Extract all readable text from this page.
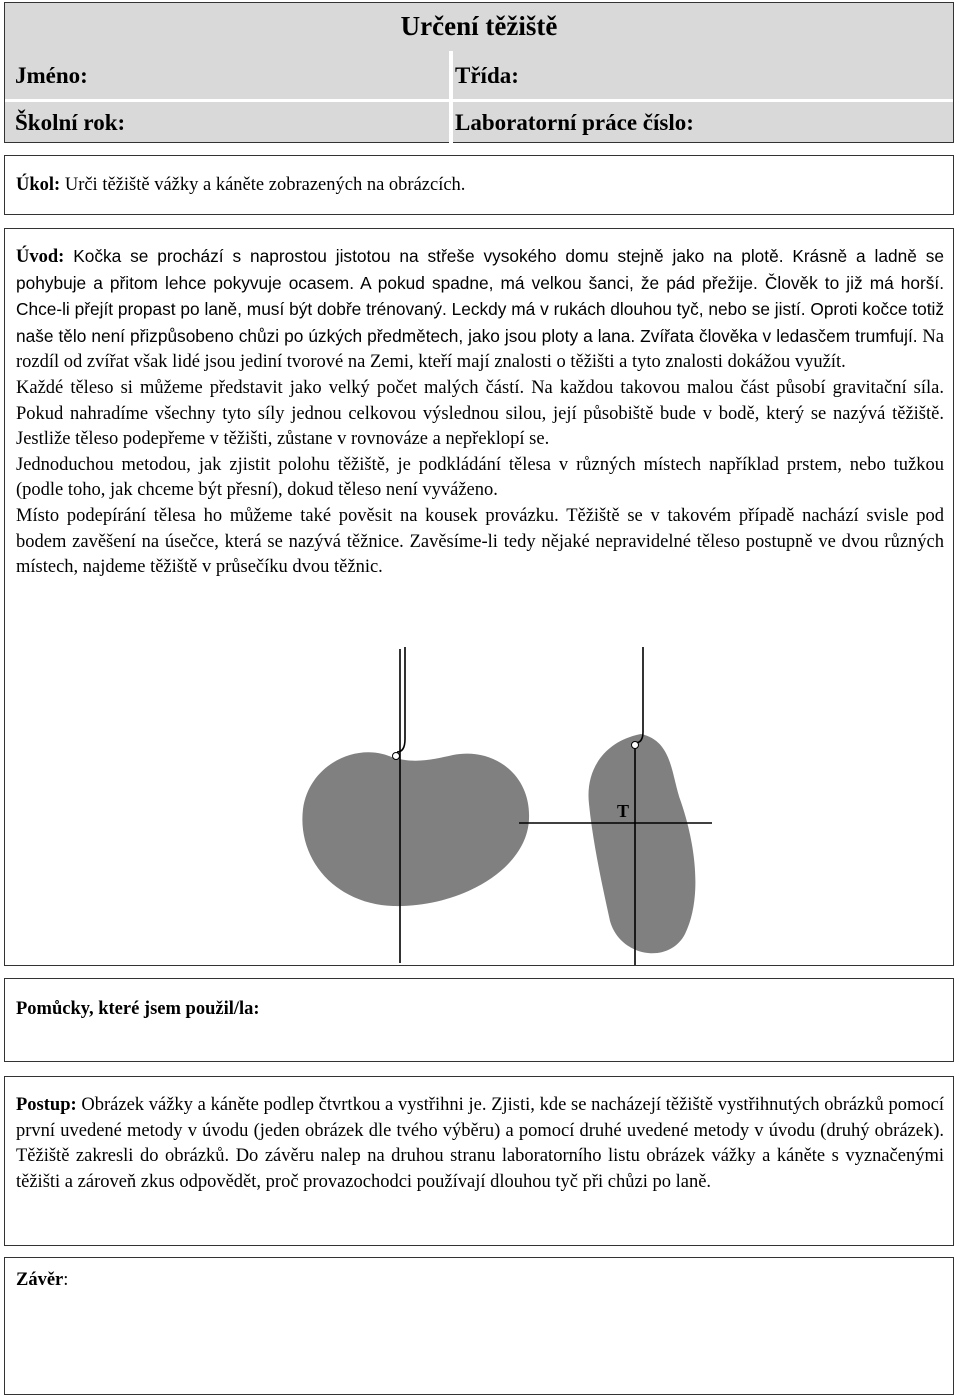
Určení těžiště
Jméno:	Třída:
Školní rok:	Laboratorní práce číslo:

Úkol: Urči těžiště vážky a káněte zobrazených na obrázcích.

Úvod: Kočka se prochází s naprostou jistotou na střeše vysokého domu stejně jako na plotě. Krásně a ladně se pohybuje a přitom lehce pokyvuje ocasem. A pokud spadne, má velkou šanci, že pád přežije. Člověk to již má horší. Chce-li přejít propast po laně, musí být dobře trénovaný. Leckdy má v rukách dlouhou tyč, nebo se jistí. Oproti kočce totiž naše tělo není přizpůsobeno chůzi po úzkých předmětech, jako jsou ploty a lana. Zvířata člověka v ledasčem trumfují. Na rozdíl od zvířat však lidé jsou jediní tvorové na Zemi, kteří mají znalosti o těžišti a tyto znalosti dokážou využít.
Každé těleso si můžeme představit jako velký počet malých částí. Na každou takovou malou část působí gravitační síla. Pokud nahradíme všechny tyto síly jednou celkovou výslednou silou, její působiště bude v bodě, který se nazývá těžiště. Jestliže těleso podepřeme v těžišti, zůstane v rovnováze a nepřeklopí se.
Jednoduchou metodou, jak zjistit polohu těžiště, je podkládání tělesa v různých místech například prstem, nebo tužkou (podle toho, jak chceme být přesní), dokud těleso není vyváženo.
Místo podepírání tělesa ho můžeme také pověsit na kousek provázku. Těžiště se v takovém případě nachází svisle pod bodem zavěšení na úsečce, která se nazývá těžnice. Zavěsíme-li tedy nějaké nepravidelné těleso postupně ve dvou různých místech, najdeme těžiště v průsečíku dvou těžnic.

T

Pomůcky, které jsem použil/la:

Postup: Obrázek vážky a káněte podlep čtvrtkou a vystřihni je. Zjisti, kde se nacházejí těžiště vystřihnutých obrázků pomocí první uvedené metody v úvodu (jeden obrázek dle tvého výběru) a pomocí druhé uvedené metody v úvodu (druhý obrázek). Těžiště zakresli do obrázků. Do závěru nalep na druhou stranu laboratorního listu obrázek vážky a káněte s vyznačenými těžišti a zároveň zkus odpovědět, proč provazochodci používají dlouhou tyč při chůzi po laně.

Závěr:
